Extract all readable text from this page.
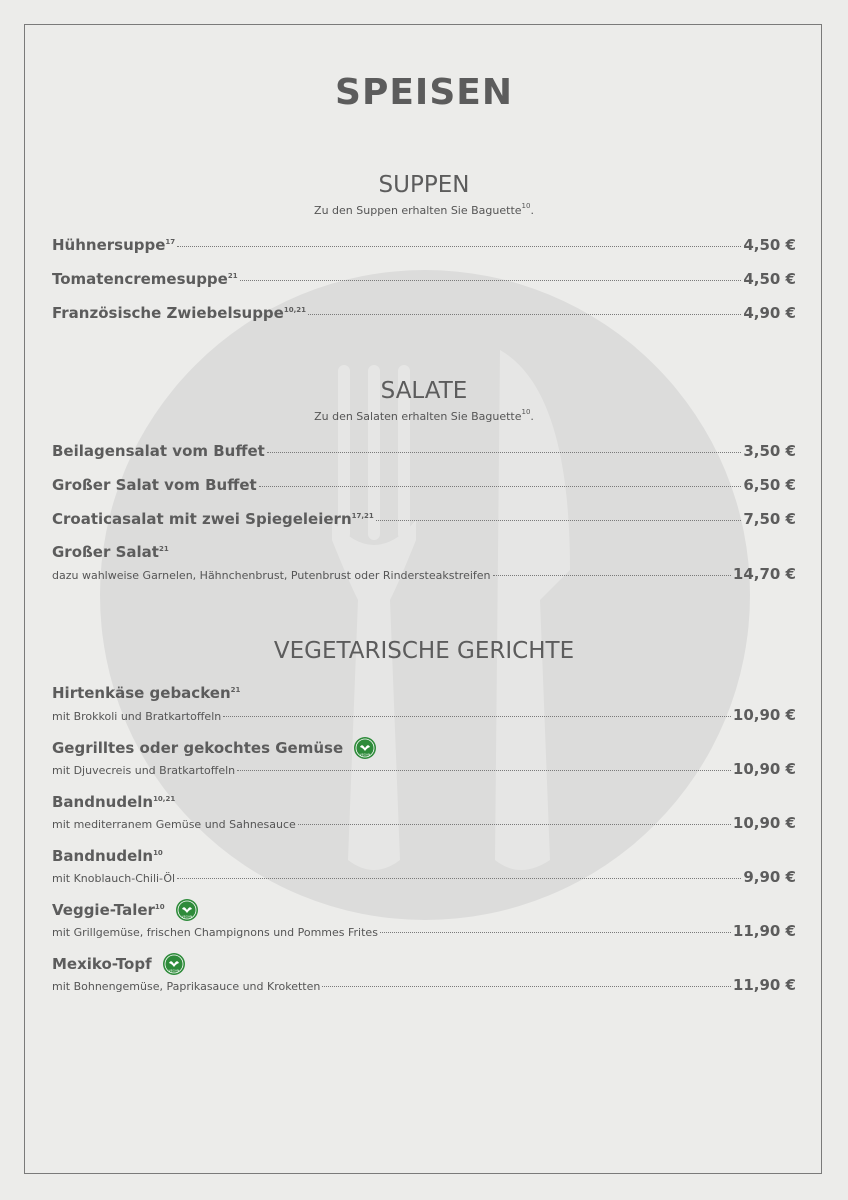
SPEISEN
SUPPEN
Zu den Suppen erhalten Sie Baguette$^{10}$.
Hühnersuppe$^{17}$	4,50 €
Tomatencremesuppe$^{21}$	4,50 €
Französische Zwiebelsuppe$^{10,21}$	4,90 €
SALATE
Zu den Salaten erhalten Sie Baguette$^{10}$.
Beilagensalat vom Buffet	3,50 €
Großer Salat vom Buffet	6,50 €
Croaticasalat mit zwei Spiegeleiern$^{17,21}$	7,50 €
Großer Salat$^{21}$
dazu wahlweise Garnelen, Hähnchenbrust, Putenbrust oder Rindersteakstreifen	14,70 €
VEGETARISCHE GERICHTE
Hirtenkäse gebacken$^{21}$
mit Brokkoli und Bratkartoffeln	10,90 €
Gegrilltes oder gekochtes Gemüse	VEGAN
mit Djuvecreis und Bratkartoffeln	10,90 €
Bandnudeln$^{10,21}$
mit mediterranem Gemüse und Sahnesauce	10,90 €
Bandnudeln$^{10}$
mit Knoblauch-Chili-Öl	9,90 €
Veggie-Taler$^{10}$
VEGAN
mit Grillgemüse, frischen Champignons und Pommes Frites	11,90 €
Mexiko-Topf	VEGAN
mit Bohnengemüse, Paprikasauce und Kroketten	11,90 €
